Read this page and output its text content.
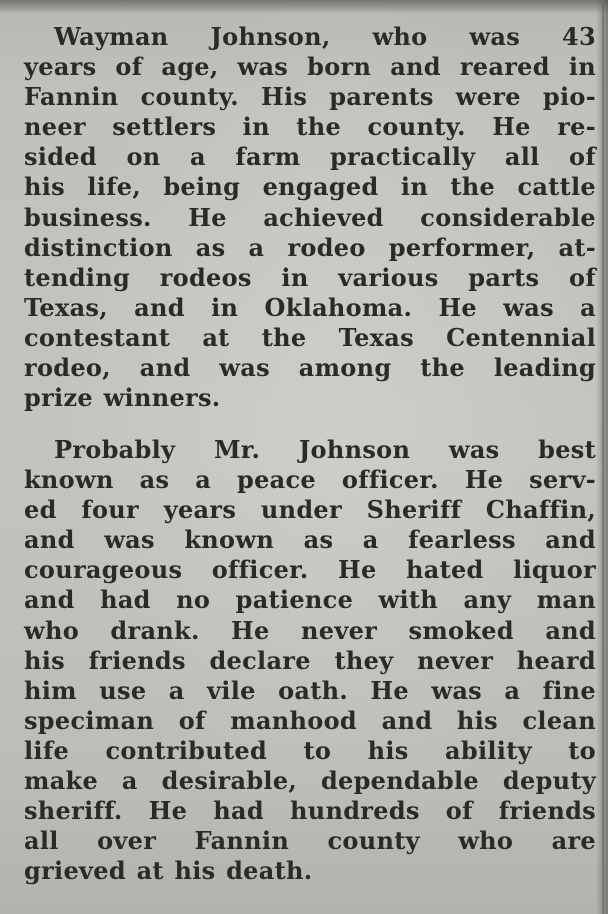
Wayman Johnson, who was 43
years of age, was born and reared in
Fannin county. His parents were pio-
neer settlers in the county. He re-
sided on a farm practically all of
his life, being engaged in the cattle
business. He achieved considerable
distinction as a rodeo performer, at-
tending rodeos in various parts of
Texas, and in Oklahoma. He was a
contestant at the Texas Centennial
rodeo, and was among the leading
prize winners.
Probably Mr. Johnson was best
known as a peace officer. He serv-
ed four years under Sheriff Chaffin,
and was known as a fearless and
courageous officer. He hated liquor
and had no patience with any man
who drank. He never smoked and
his friends declare they never heard
him use a vile oath. He was a fine
speciman of manhood and his clean
life contributed to his ability to
make a desirable, dependable deputy
sheriff. He had hundreds of friends
all over Fannin county who are
grieved at his death.
